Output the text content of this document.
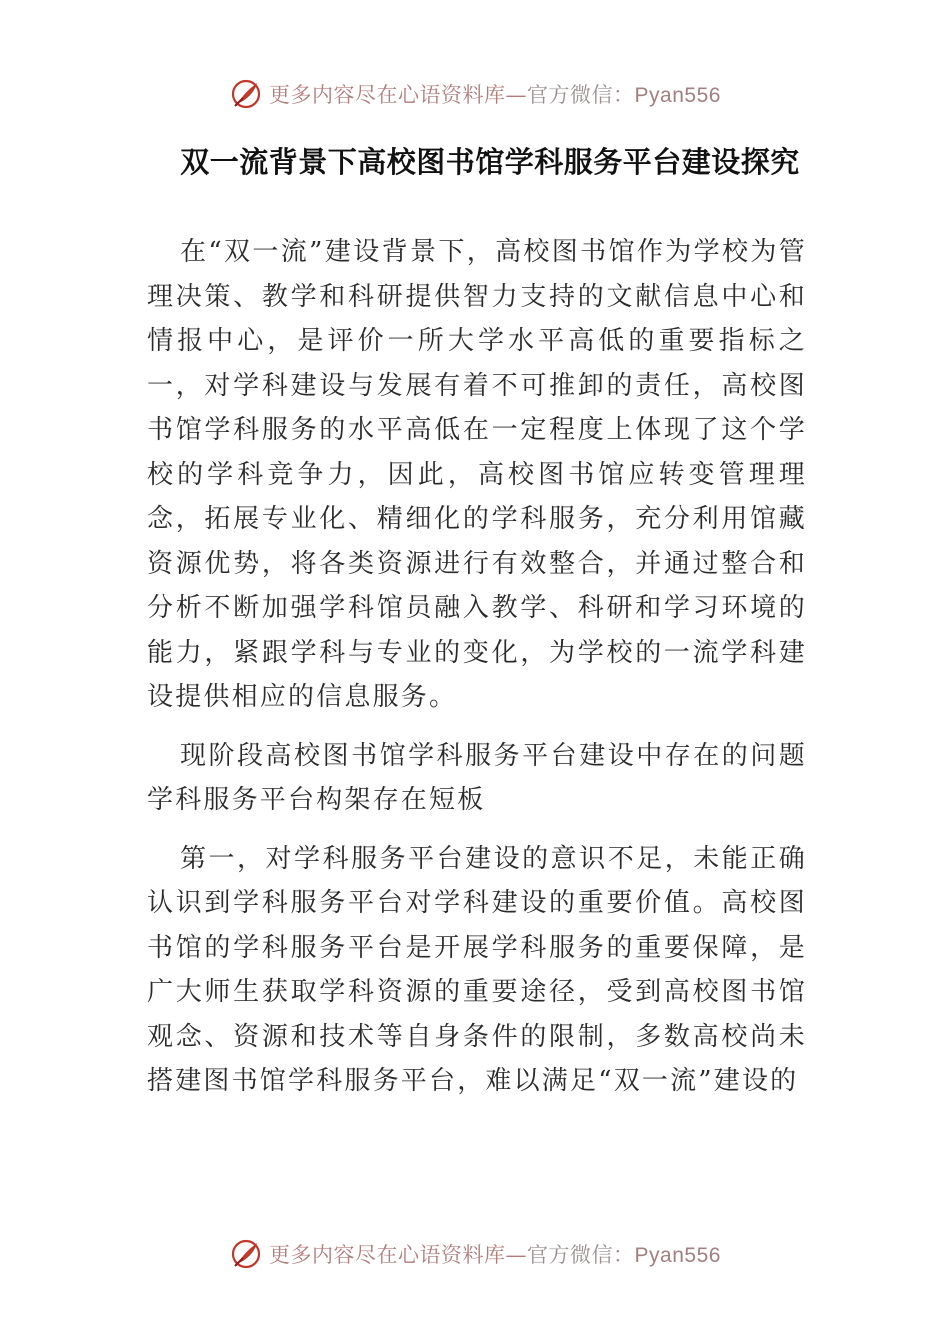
更多内容尽在心语资料库—官方微信：Pyan556
双一流背景下高校图书馆学科服务平台建设探究

在“双一流”建设背景下，高校图书馆作为学校为管理决策、教学和科研提供智力支持的文献信息中心和情报中心，是评价一所大学水平高低的重要指标之一，对学科建设与发展有着不可推卸的责任，高校图书馆学科服务的水平高低在一定程度上体现了这个学校的学科竞争力，因此，高校图书馆应转变管理理念，拓展专业化、精细化的学科服务，充分利用馆藏资源优势，将各类资源进行有效整合，并通过整合和分析不断加强学科馆员融入教学、科研和学习环境的能力，紧跟学科与专业的变化，为学校的一流学科建设提供相应的信息服务。

现阶段高校图书馆学科服务平台建设中存在的问题学科服务平台构架存在短板

第一，对学科服务平台建设的意识不足，未能正确认识到学科服务平台对学科建设的重要价值。高校图书馆的学科服务平台是开展学科服务的重要保障，是广大师生获取学科资源的重要途径，受到高校图书馆观念、资源和技术等自身条件的限制，多数高校尚未搭建图书馆学科服务平台，难以满足“双一流”建设的

更多内容尽在心语资料库—官方微信：Pyan556
